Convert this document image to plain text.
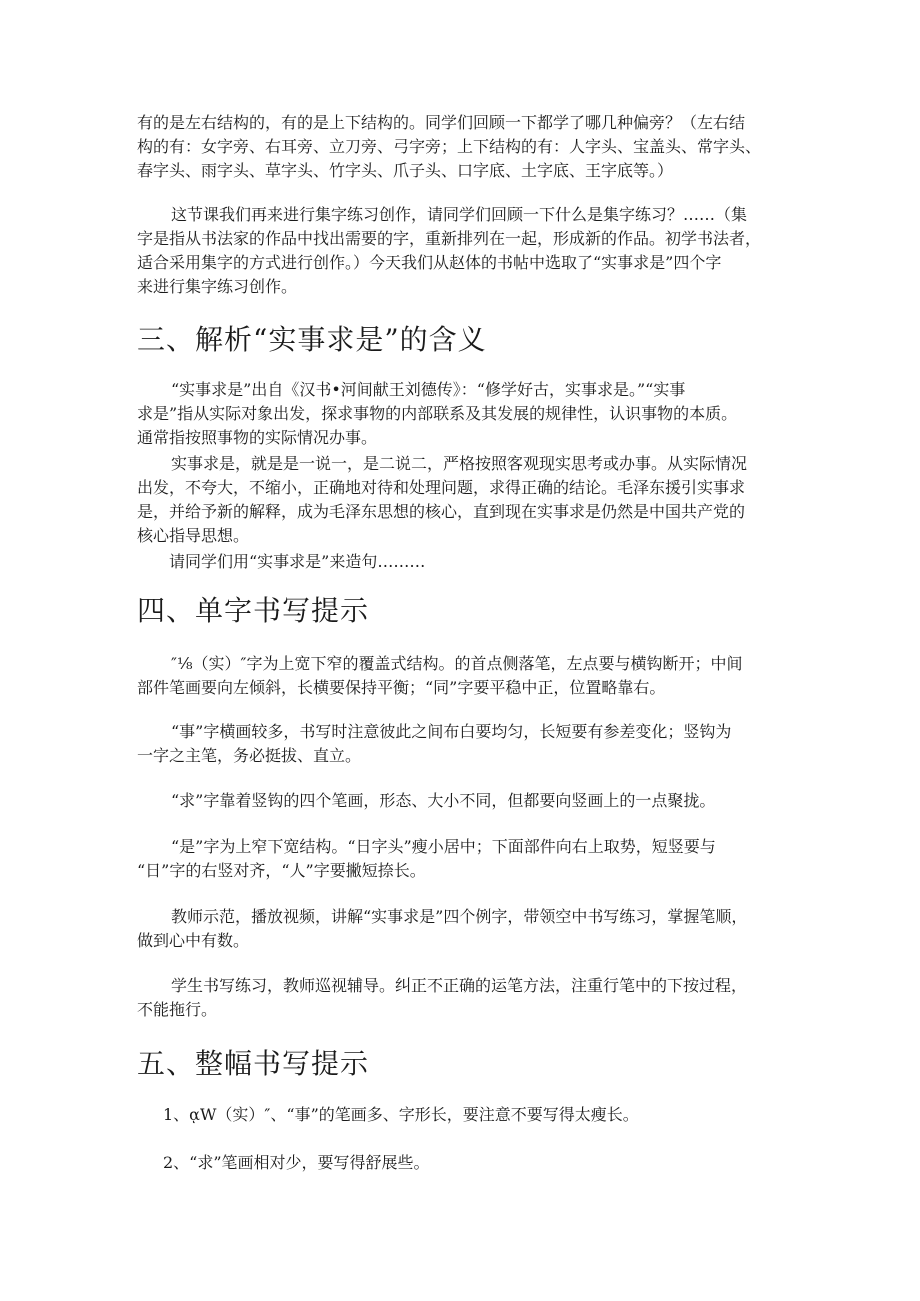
有的是左右结构的，有的是上下结构的。同学们回顾一下都学了哪几种偏旁？（左右结
构的有：女字旁、右耳旁、立刀旁、弓字旁；上下结构的有：人字头、宝盖头、常字头、
春字头、雨字头、草字头、竹字头、爪子头、口字底、土字底、王字底等。）

这节课我们再来进行集字练习创作，请同学们回顾一下什么是集字练习？……（集
字是指从书法家的作品中找出需要的字，重新排列在一起，形成新的作品。初学书法者，
适合采用集字的方式进行创作。）今天我们从赵体的书帖中选取了“实事求是”四个字
来进行集字练习创作。

三、解析“实事求是”的含义

“实事求是”出自《汉书•河间献王刘德传》：“修学好古，实事求是。”“实事
求是”指从实际对象出发，探求事物的内部联系及其发展的规律性，认识事物的本质。
通常指按照事物的实际情况办事。

实事求是，就是是一说一，是二说二，严格按照客观现实思考或办事。从实际情况
出发，不夸大，不缩小，正确地对待和处理问题，求得正确的结论。毛泽东援引实事求
是，并给予新的解释，成为毛泽东思想的核心，直到现在实事求是仍然是中国共产党的
核心指导思想。

请同学们用“实事求是”来造句………

四、单字书写提示

″⅛（实）″字为上宽下窄的覆盖式结构。的首点侧落笔，左点要与横钩断开；中间
部件笔画要向左倾斜，长横要保持平衡；“同”字要平稳中正，位置略靠右。

“事”字横画较多，书写时注意彼此之间布白要均匀，长短要有参差变化；竖钩为
一字之主笔，务必挺拔、直立。

“求”字靠着竖钩的四个笔画，形态、大小不同，但都要向竖画上的一点聚拢。

“是”字为上窄下宽结构。“日字头”瘦小居中；下面部件向右上取势，短竖要与
“日”字的右竖对齐，“人”字要撇短捺长。

教师示范，播放视频，讲解“实事求是”四个例字，带领空中书写练习，掌握笔顺，
做到心中有数。

学生书写练习，教师巡视辅导。纠正不正确的运笔方法，注重行笔中的下按过程，
不能拖行。

五、整幅书写提示

1、ᾳW（实）″、“事”的笔画多、字形长，要注意不要写得太瘦长。

2、“求”笔画相对少，要写得舒展些。
